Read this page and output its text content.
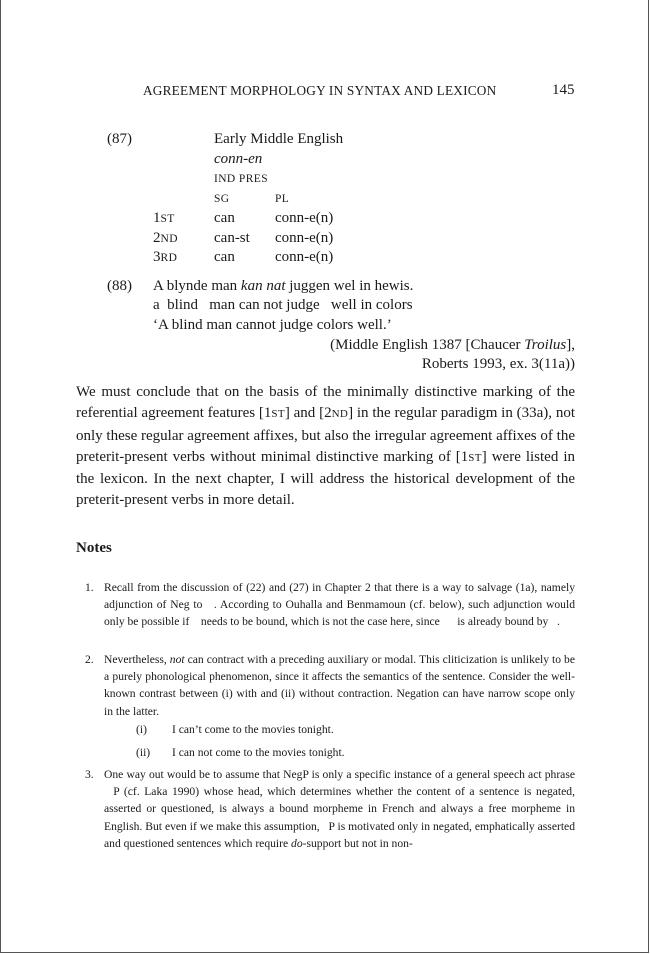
AGREEMENT MORPHOLOGY IN SYNTAX AND LEXICON	145
(87)	Early Middle English
conn-en
IND PRES
SG	PL
1ST	can	conn-e(n)
2ND can-st conn-e(n)
3RD can	conn-e(n)
(88) A blynde man kan nat juggen wel in hewis.
a  blind   man can not judge   well in colors
‘A blind man cannot judge colors well.’
(Middle English 1387 [Chaucer Troilus],
Roberts 1993, ex. 3(11a))
We must conclude that on the basis of the minimally distinctive marking of the referential agreement features [1ST] and [2ND] in the regular paradigm in (33a), not only these regular agreement affixes, but also the irregular agreement affixes of the preterit-present verbs without minimal distinctive marking of [1ST] were listed in the lexicon. In the next chapter, I will address the historical development of the preterit-present verbs in more detail.
Notes
1. Recall from the discussion of (22) and (27) in Chapter 2 that there is a way to salvage (1a), namely adjunction of Neg to   . According to Ouhalla and Benmamoun (cf. below), such adjunction would only be possible if    needs to be bound, which is not the case here, since      is already bound by   .
2. Nevertheless, not can contract with a preceding auxiliary or modal. This cliticization is unlikely to be a purely phonological phenomenon, since it affects the semantics of the sentence. Consider the well-known contrast between (i) with and (ii) without contraction. Negation can have narrow scope only in the latter.
(i) I can’t come to the movies tonight.
(ii) I can not come to the movies tonight.
3. One way out would be to assume that NegP is only a specific instance of a general speech act phrase   P (cf. Laka 1990) whose head, which determines whether the content of a sentence is negated, asserted or questioned, is always a bound morpheme in French and always a free morpheme in English. But even if we make this assumption,   P is motivated only in negated, emphatically asserted and questioned sentences which require do-support but not in non-
